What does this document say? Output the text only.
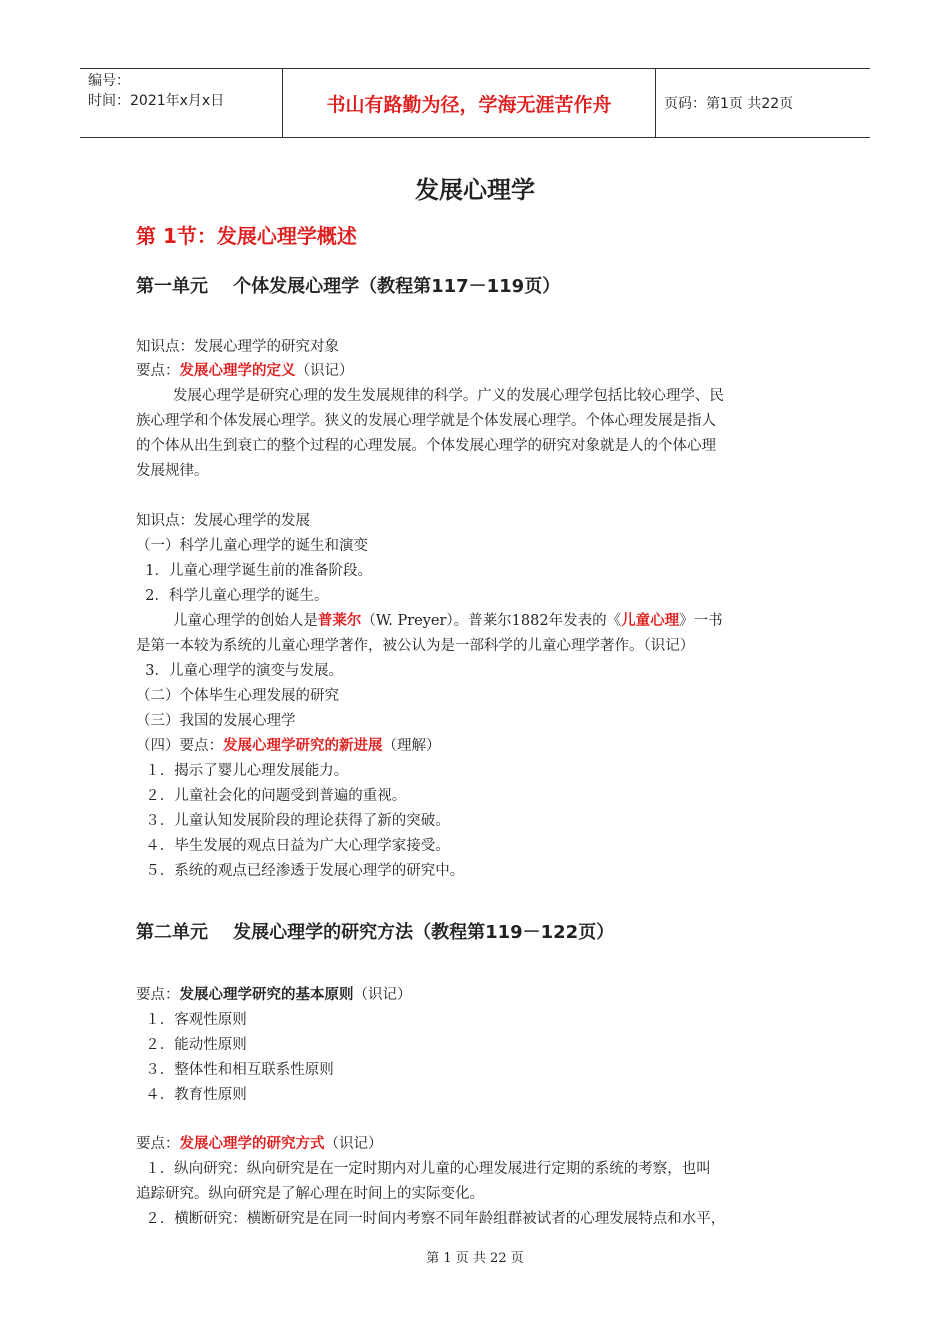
编号：
时间：2021年x月x日	书山有路勤为径，学海无涯苦作舟	页码：第1页 共22页
发展心理学
第 1节：发展心理学概述
第一单元    个体发展心理学（教程第117－119页）
知识点：发展心理学的研究对象
要点：发展心理学的定义（识记）
发展心理学是研究心理的发生发展规律的科学。广义的发展心理学包括比较心理学、民
族心理学和个体发展心理学。狭义的发展心理学就是个体发展心理学。个体心理发展是指人
的个体从出生到衰亡的整个过程的心理发展。个体发展心理学的研究对象就是人的个体心理
发展规律。
知识点：发展心理学的发展
（一）科学儿童心理学的诞生和演变
1．儿童心理学诞生前的准备阶段。
2．科学儿童心理学的诞生。
儿童心理学的创始人是普莱尔（W. Preyer）。普莱尔1882年发表的《儿童心理》一书
是第一本较为系统的儿童心理学著作，被公认为是一部科学的儿童心理学著作。（识记）
3．儿童心理学的演变与发展。
（二）个体毕生心理发展的研究
（三）我国的发展心理学
（四）要点：发展心理学研究的新进展（理解）
１．揭示了婴儿心理发展能力。
２．儿童社会化的问题受到普遍的重视。
３．儿童认知发展阶段的理论获得了新的突破。
４．毕生发展的观点日益为广大心理学家接受。
５．系统的观点已经渗透于发展心理学的研究中。
第二单元    发展心理学的研究方法（教程第119－122页）
要点：发展心理学研究的基本原则（识记）
１．客观性原则
２．能动性原则
３．整体性和相互联系性原则
４．教育性原则
要点：发展心理学的研究方式（识记）
１．纵向研究：纵向研究是在一定时期内对儿童的心理发展进行定期的系统的考察，也叫
追踪研究。纵向研究是了解心理在时间上的实际变化。
２．横断研究：横断研究是在同一时间内考察不同年龄组群被试者的心理发展特点和水平，
第 1 页 共 22 页
